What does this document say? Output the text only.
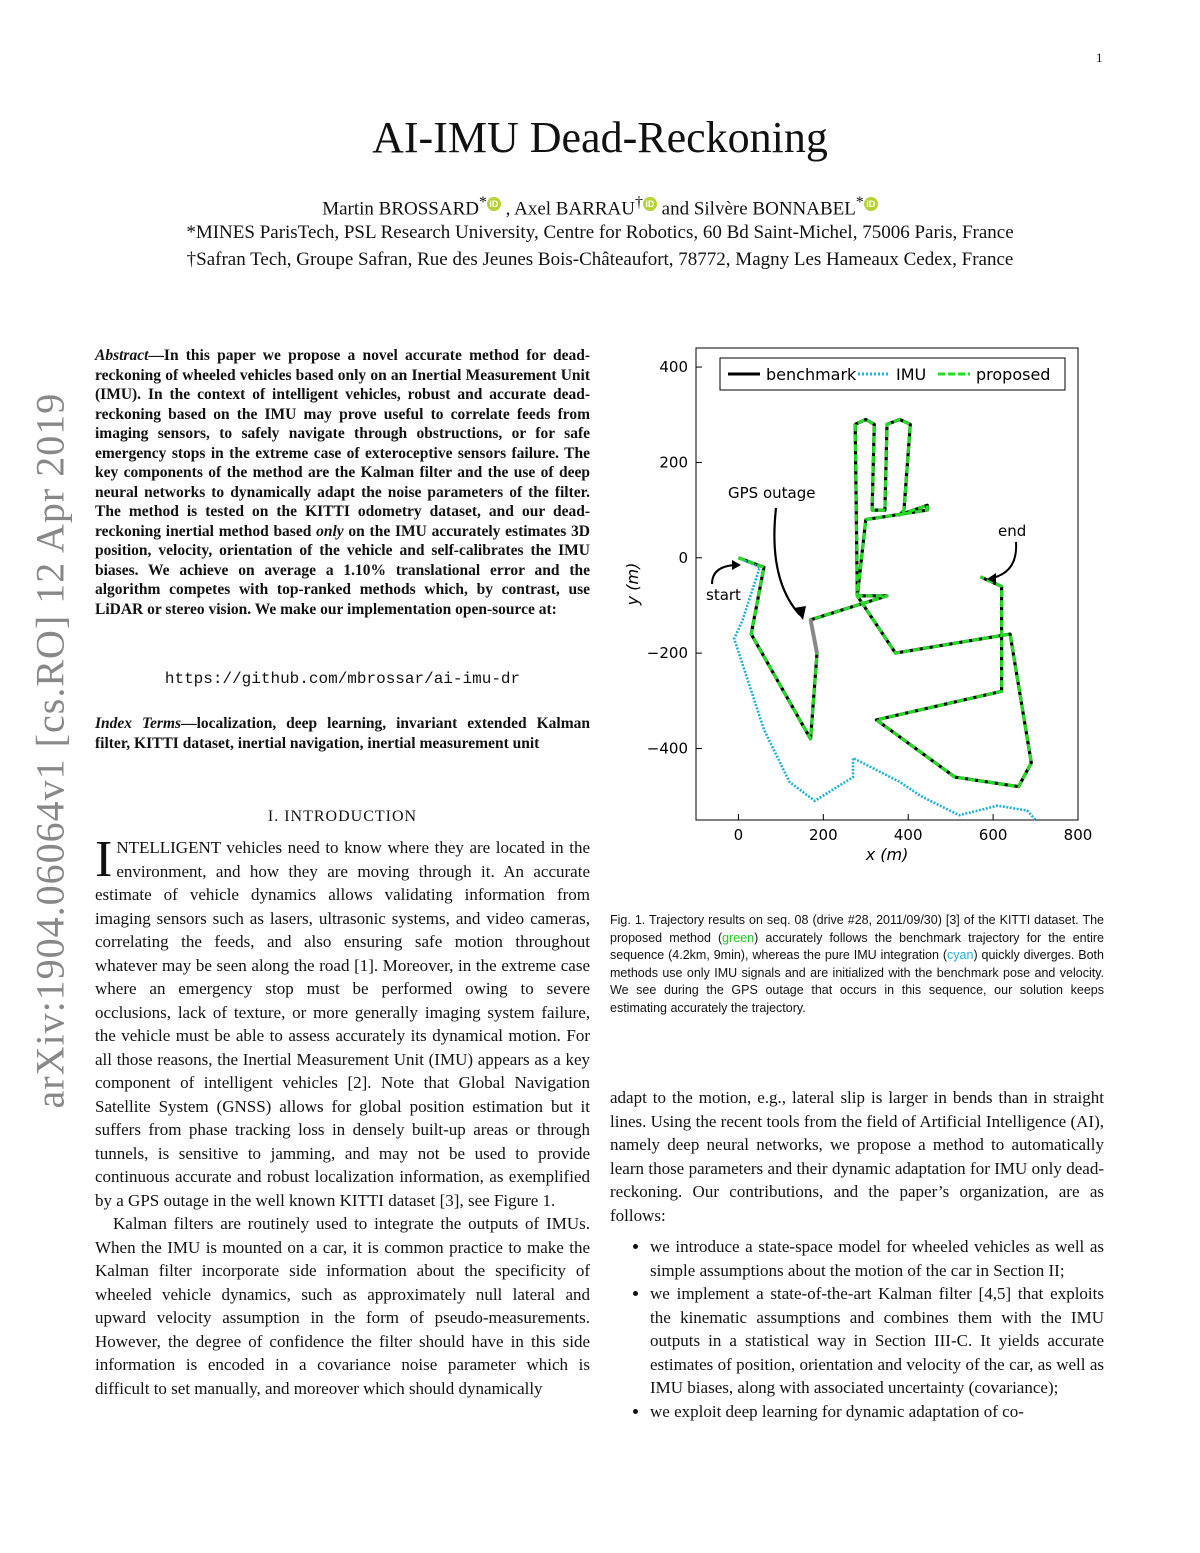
1
arXiv:1904.06064v1 [cs.RO] 12 Apr 2019
AI-IMU Dead-Reckoning
Martin BROSSARD* iD , Axel BARRAU† iD and Silvère BONNABEL* iD
*MINES ParisTech, PSL Research University, Centre for Robotics, 60 Bd Saint-Michel, 75006 Paris, France
†Safran Tech, Groupe Safran, Rue des Jeunes Bois-Châteaufort, 78772, Magny Les Hameaux Cedex, France
Abstract—In this paper we propose a novel accurate method for dead-reckoning of wheeled vehicles based only on an Inertial Measurement Unit (IMU). In the context of intelligent vehicles, robust and accurate dead-reckoning based on the IMU may prove useful to correlate feeds from imaging sensors, to safely navigate through obstructions, or for safe emergency stops in the extreme case of exteroceptive sensors failure. The key components of the method are the Kalman filter and the use of deep neural networks to dynamically adapt the noise parameters of the filter. The method is tested on the KITTI odometry dataset, and our dead-reckoning inertial method based only on the IMU accurately estimates 3D position, velocity, orientation of the vehicle and self-calibrates the IMU biases. We achieve on average a 1.10% translational error and the algorithm competes with top-ranked methods which, by contrast, use LiDAR or stereo vision. We make our implementation open-source at:
https://github.com/mbrossar/ai-imu-dr
Index Terms—localization, deep learning, invariant extended Kalman filter, KITTI dataset, inertial navigation, inertial measurement unit
I. INTRODUCTION

INTELLIGENT vehicles need to know where they are located in the environment, and how they are moving through it. An accurate estimate of vehicle dynamics allows validating information from imaging sensors such as lasers, ultrasonic systems, and video cameras, correlating the feeds, and also ensuring safe motion throughout whatever may be seen along the road [1]. Moreover, in the extreme case where an emergency stop must be performed owing to severe occlusions, lack of texture, or more generally imaging system failure, the vehicle must be able to assess accurately its dynamical motion. For all those reasons, the Inertial Measurement Unit (IMU) appears as a key component of intelligent vehicles [2]. Note that Global Navigation Satellite System (GNSS) allows for global position estimation but it suffers from phase tracking loss in densely built-up areas or through tunnels, is sensitive to jamming, and may not be used to provide continuous accurate and robust localization information, as exemplified by a GPS outage in the well known KITTI dataset [3], see Figure 1.

Kalman filters are routinely used to integrate the outputs of IMUs. When the IMU is mounted on a car, it is common practice to make the Kalman filter incorporate side information about the specificity of wheeled vehicle dynamics, such as approximately null lateral and upward velocity assumption in the form of pseudo-measurements. However, the degree of confidence the filter should have in this side information is encoded in a covariance noise parameter which is difficult to set manually, and moreover which should dynamically

0	200	400	600	800
400
200
0
−200
−400
GPS outage
start
end
benchmark IMU	proposed
x (m)
y (m)
Fig. 1. Trajectory results on seq. 08 (drive #28, 2011/09/30) [3] of the KITTI dataset. The proposed method (green) accurately follows the benchmark trajectory for the entire sequence (4.2km, 9min), whereas the pure IMU integration (cyan) quickly diverges. Both methods use only IMU signals and are initialized with the benchmark pose and velocity. We see during the GPS outage that occurs in this sequence, our solution keeps estimating accurately the trajectory.

adapt to the motion, e.g., lateral slip is larger in bends than in straight lines. Using the recent tools from the field of Artificial Intelligence (AI), namely deep neural networks, we propose a method to automatically learn those parameters and their dynamic adaptation for IMU only dead-reckoning. Our contributions, and the paper’s organization, are as follows:

• we introduce a state-space model for wheeled vehicles as well as simple assumptions about the motion of the car in Section II;
• we implement a state-of-the-art Kalman filter [4,5] that exploits the kinematic assumptions and combines them with the IMU outputs in a statistical way in Section III-C. It yields accurate estimates of position, orientation and velocity of the car, as well as IMU biases, along with associated uncertainty (covariance);
• we exploit deep learning for dynamic adaptation of co-
